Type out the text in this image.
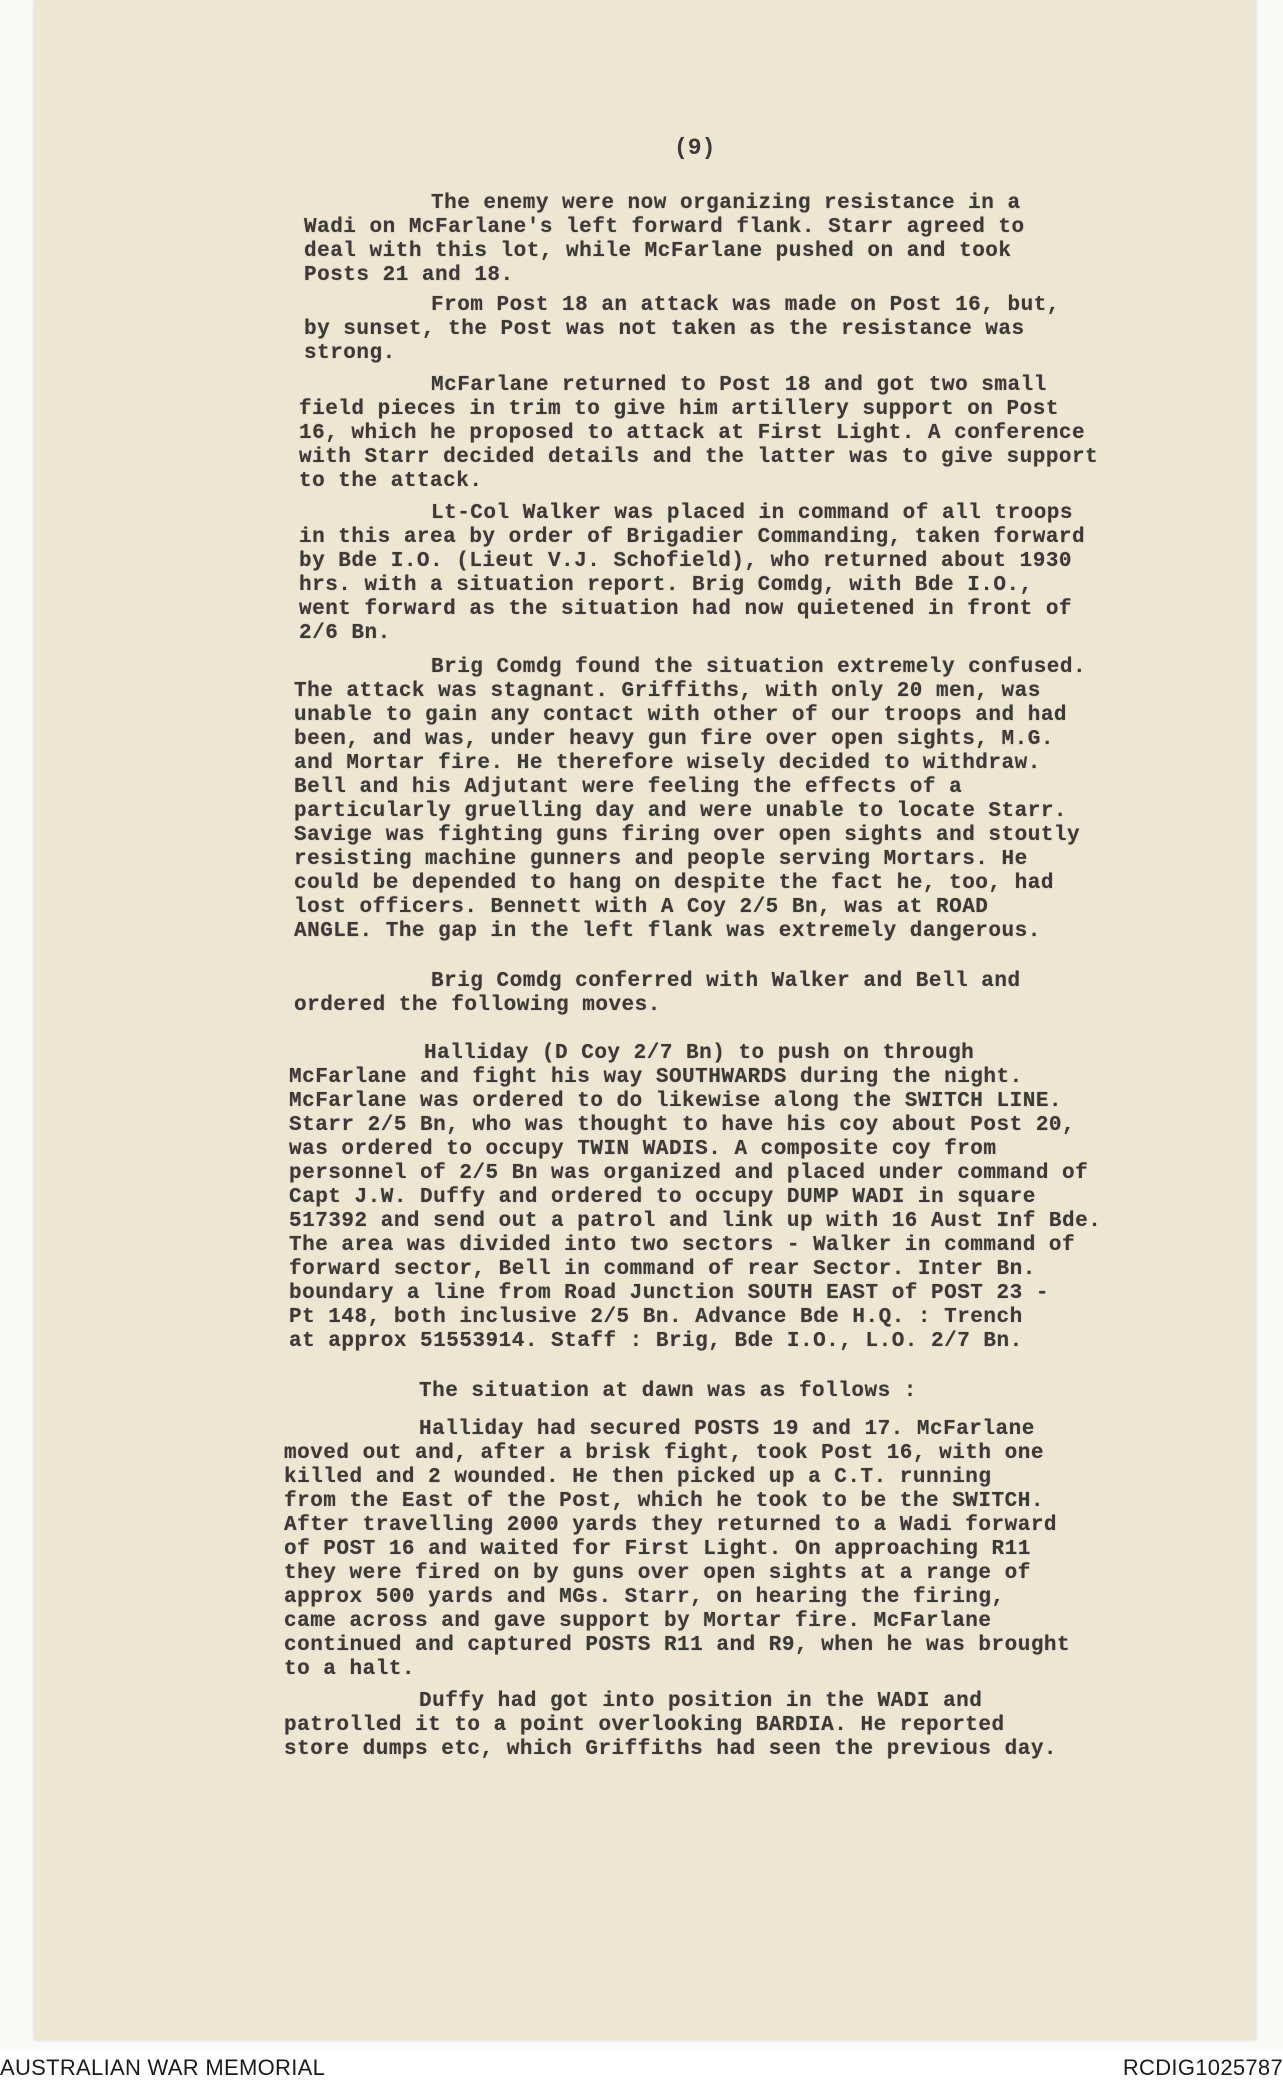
(9)
The enemy were now organizing resistance in a
Wadi on McFarlane's left forward flank. Starr agreed to
deal with this lot, while McFarlane pushed on and took
Posts 21 and 18.
From Post 18 an attack was made on Post 16, but,
by sunset, the Post was not taken as the resistance was
strong.
McFarlane returned to Post 18 and got two small
field pieces in trim to give him artillery support on Post
16, which he proposed to attack at First Light. A conference
with Starr decided details and the latter was to give support
to the attack.
Lt-Col Walker was placed in command of all troops
in this area by order of Brigadier Commanding, taken forward
by Bde I.O. (Lieut V.J. Schofield), who returned about 1930
hrs. with a situation report. Brig Comdg, with Bde I.O.,
went forward as the situation had now quietened in front of
2/6 Bn.
Brig Comdg found the situation extremely confused.
The attack was stagnant. Griffiths, with only 20 men, was
unable to gain any contact with other of our troops and had
been, and was, under heavy gun fire over open sights, M.G.
and Mortar fire. He therefore wisely decided to withdraw.
Bell and his Adjutant were feeling the effects of a
particularly gruelling day and were unable to locate Starr.
Savige was fighting guns firing over open sights and stoutly
resisting machine gunners and people serving Mortars. He
could be depended to hang on despite the fact he, too, had
lost officers. Bennett with A Coy 2/5 Bn, was at ROAD
ANGLE. The gap in the left flank was extremely dangerous.
Brig Comdg conferred with Walker and Bell and
ordered the following moves.
Halliday (D Coy 2/7 Bn) to push on through
McFarlane and fight his way SOUTHWARDS during the night.
McFarlane was ordered to do likewise along the SWITCH LINE.
Starr 2/5 Bn, who was thought to have his coy about Post 20,
was ordered to occupy TWIN WADIS. A composite coy from
personnel of 2/5 Bn was organized and placed under command of
Capt J.W. Duffy and ordered to occupy DUMP WADI in square
517392 and send out a patrol and link up with 16 Aust Inf Bde.
The area was divided into two sectors - Walker in command of
forward sector, Bell in command of rear Sector. Inter Bn.
boundary a line from Road Junction SOUTH EAST of POST 23 -
Pt 148, both inclusive 2/5 Bn. Advance Bde H.Q. : Trench
at approx 51553914. Staff : Brig, Bde I.O., L.O. 2/7 Bn.
The situation at dawn was as follows :
Halliday had secured POSTS 19 and 17. McFarlane
moved out and, after a brisk fight, took Post 16, with one
killed and 2 wounded. He then picked up a C.T. running
from the East of the Post, which he took to be the SWITCH.
After travelling 2000 yards they returned to a Wadi forward
of POST 16 and waited for First Light. On approaching R11
they were fired on by guns over open sights at a range of
approx 500 yards and MGs. Starr, on hearing the firing,
came across and gave support by Mortar fire. McFarlane
continued and captured POSTS R11 and R9, when he was brought
to a halt.
Duffy had got into position in the WADI and
patrolled it to a point overlooking BARDIA. He reported
store dumps etc, which Griffiths had seen the previous day.
AUSTRALIAN WAR MEMORIAL	RCDIG1025787
